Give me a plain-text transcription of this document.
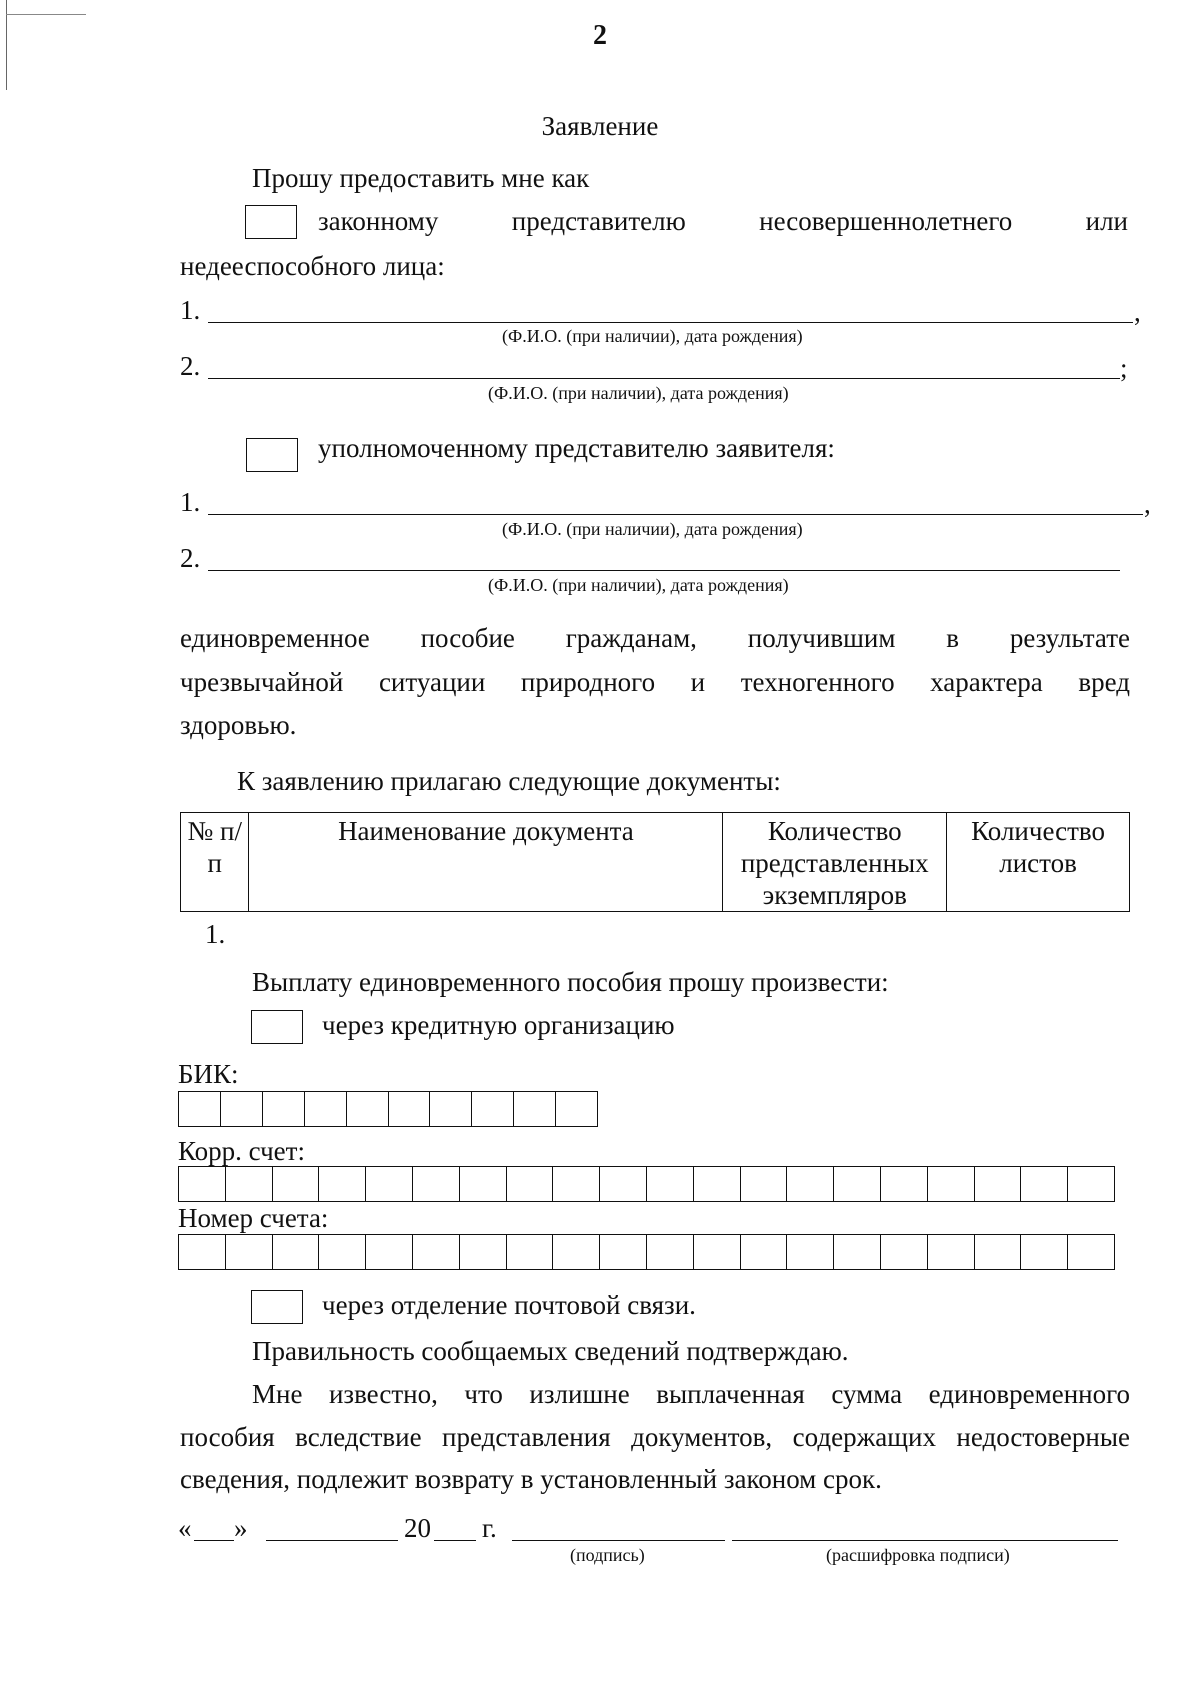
2
Заявление
Прошу предоставить мне как
законному	представителю	несовершеннолетнего	или
недееспособного лица:
1.	,
(Ф.И.О. (при наличии), дата рождения)
2.	;
(Ф.И.О. (при наличии), дата рождения)
уполномоченному представителю заявителя:
1.	,
(Ф.И.О. (при наличии), дата рождения)
2.
(Ф.И.О. (при наличии), дата рождения)
единовременное пособие гражданам, получившим в результате
чрезвычайной ситуации природного и техногенного характера вред
здоровью.
К заявлению прилагаю следующие документы:
№ п/п	Наименование документа	Количество представленных экземпляров	Количество листов
1.
Выплату единовременного пособия прошу произвести:
через кредитную организацию
БИК:
Корр. счет:
Номер счета:
через отделение почтовой связи.
Правильность сообщаемых сведений подтверждаю.
Мне известно, что излишне выплаченная сумма единовременного
пособия вследствие представления документов, содержащих недостоверные
сведения, подлежит возврату в установленный законом срок.
« »	20 г.
(подпись)	(расшифровка подписи)
